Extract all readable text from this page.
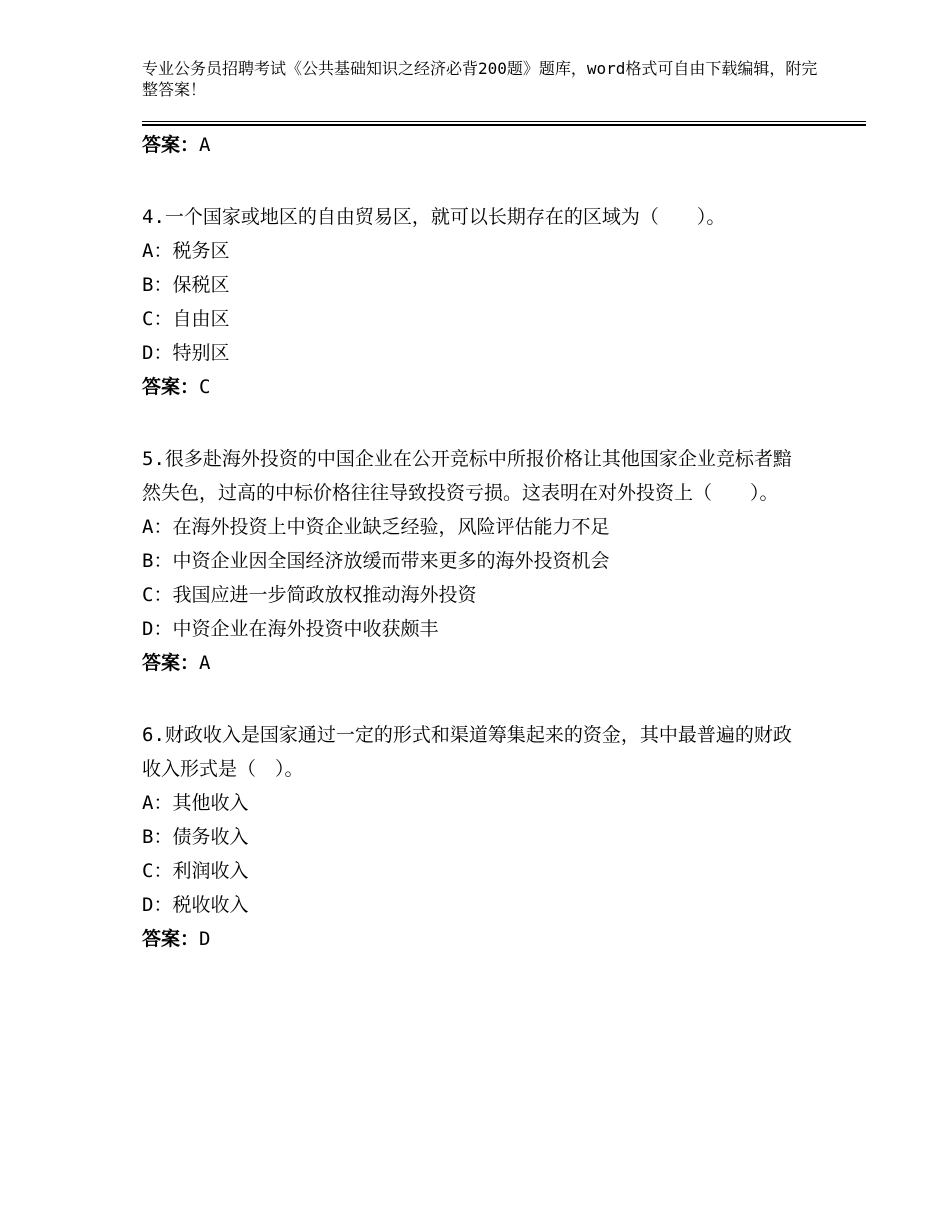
专业公务员招聘考试《公共基础知识之经济必背200题》题库，word格式可自由下载编辑，附完整答案！
答案：A
4.一个国家或地区的自由贸易区，就可以长期存在的区域为（　　）。
A：税务区
B：保税区
C：自由区
D：特别区
答案：C
5.很多赴海外投资的中国企业在公开竞标中所报价格让其他国家企业竞标者黯然失色，过高的中标价格往往导致投资亏损。这表明在对外投资上（　　）。
A：在海外投资上中资企业缺乏经验，风险评估能力不足
B：中资企业因全国经济放缓而带来更多的海外投资机会
C：我国应进一步简政放权推动海外投资
D：中资企业在海外投资中收获颇丰
答案：A
6.财政收入是国家通过一定的形式和渠道筹集起来的资金，其中最普遍的财政收入形式是（　）。
A：其他收入
B：债务收入
C：利润收入
D：税收收入
答案：D
